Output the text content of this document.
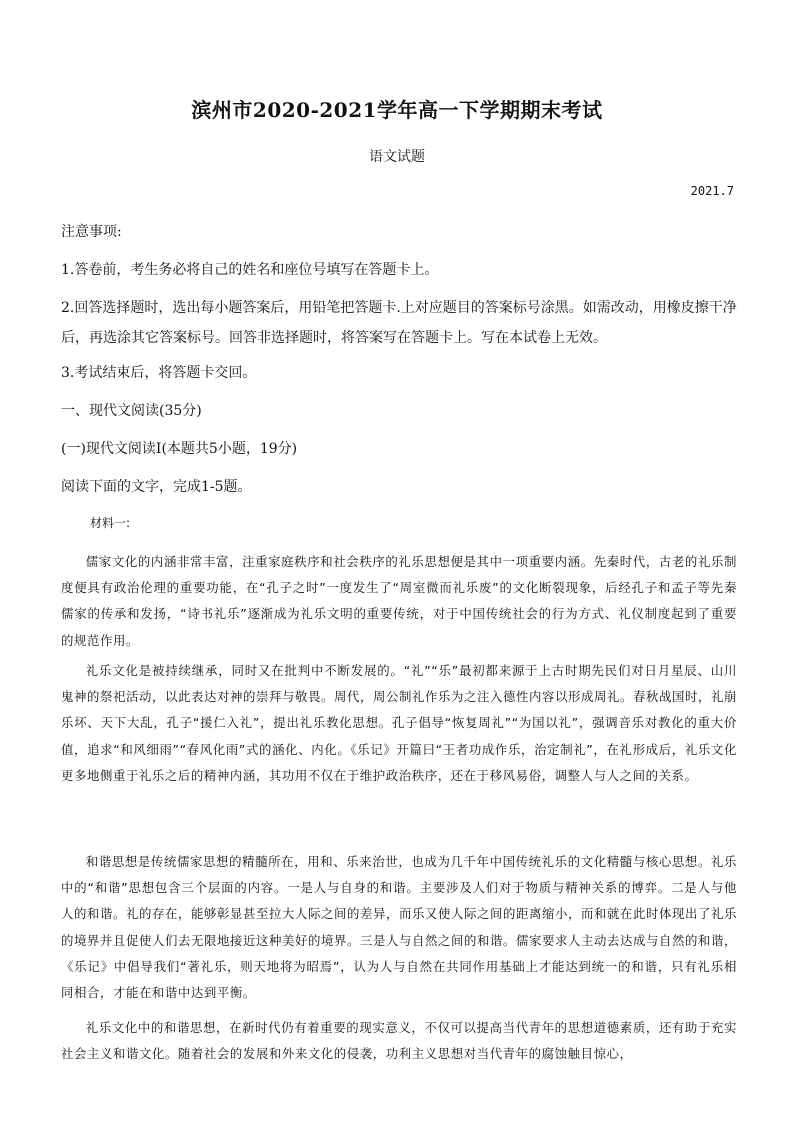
滨州市2020-2021学年高一下学期期末考试
语文试题
2021.7
注意事项:
1.答卷前，考生务必将自己的姓名和座位号填写在答题卡上。
2.回答选择题时，选出每小题答案后，用铅笔把答题卡.上对应题目的答案标号涂黑。如需改动，用橡皮擦干净后，再选涂其它答案标号。回答非选择题时，将答案写在答题卡上。写在本试卷上无效。
3.考试结束后，将答题卡交回。
一、现代文阅读(35分)
(一)现代文阅读Ⅰ(本题共5小题，19分)
阅读下面的文字，完成1-5题。
材料一:

儒家文化的内涵非常丰富，注重家庭秩序和社会秩序的礼乐思想便是其中一项重要内涵。先秦时代，古老的礼乐制度便具有政治伦理的重要功能，在“孔子之时”一度发生了“周室微而礼乐废”的文化断裂现象，后经孔子和孟子等先秦儒家的传承和发扬，“诗书礼乐”逐渐成为礼乐文明的重要传统，对于中国传统社会的行为方式、礼仪制度起到了重要的规范作用。

礼乐文化是被持续继承，同时又在批判中不断发展的。“礼”“乐”最初都来源于上古时期先民们对日月星辰、山川鬼神的祭祀活动，以此表达对神的崇拜与敬畏。周代，周公制礼作乐为之注入德性内容以形成周礼。春秋战国时，礼崩乐坏、天下大乱，孔子“援仁入礼”，提出礼乐教化思想。孔子倡导“恢复周礼”“为国以礼”，强调音乐对教化的重大价值，追求“和风细雨”“春风化雨”式的涵化、内化。《乐记》开篇曰“王者功成作乐，治定制礼”，在礼形成后，礼乐文化更多地侧重于礼乐之后的精神内涵，其功用不仅在于维护政治秩序，还在于移风易俗，调整人与人之间的关系。

和谐思想是传统儒家思想的精髓所在，用和、乐来治世，也成为几千年中国传统礼乐的文化精髓与核心思想。礼乐中的“和谐”思想包含三个层面的内容。一是人与自身的和谐。主要涉及人们对于物质与精神关系的博弈。二是人与他人的和谐。礼的存在，能够彰显甚至拉大人际之间的差异，而乐又使人际之间的距离缩小，而和就在此时体现出了礼乐的境界并且促使人们去无限地接近这种美好的境界。三是人与自然之间的和谐。儒家要求人主动去达成与自然的和谐，《乐记》中倡导我们“著礼乐，则天地将为昭焉”，认为人与自然在共同作用基础上才能达到统一的和谐，只有礼乐相同相合，才能在和谐中达到平衡。

礼乐文化中的和谐思想，在新时代仍有着重要的现实意义，不仅可以提高当代青年的思想道德素质，还有助于充实社会主义和谐文化。随着社会的发展和外来文化的侵袭，功利主义思想对当代青年的腐蚀触目惊心，
